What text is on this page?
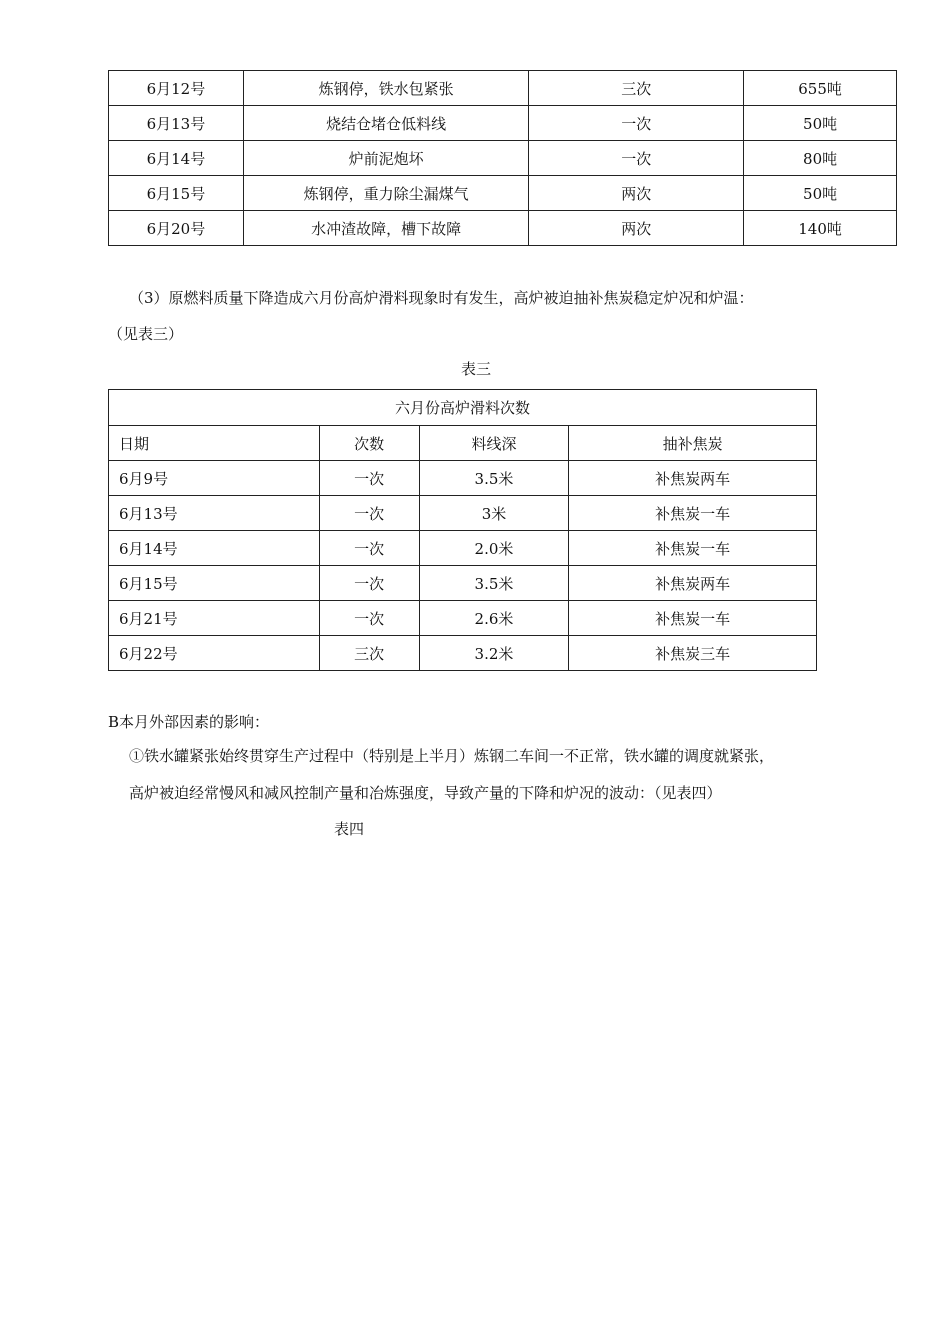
6月12号	炼钢停，铁水包紧张	三次	655吨
6月13号	烧结仓堵仓低料线	一次	50吨
6月14号	炉前泥炮坏	一次	80吨
6月15号	炼钢停，重力除尘漏煤气	两次	50吨
6月20号	水冲渣故障，槽下故障	两次	140吨
（3）原燃料质量下降造成六月份高炉滑料现象时有发生，高炉被迫抽补焦炭稳定炉况和炉温：
（见表三）
表三
六月份高炉滑料次数			
日期	次数	料线深	抽补焦炭
6月9号	一次	3.5米	补焦炭两车
6月13号	一次	3米	补焦炭一车
6月14号	一次	2.0米	补焦炭一车
6月15号	一次	3.5米	补焦炭两车
6月21号	一次	2.6米	补焦炭一车
6月22号	三次	3.2米	补焦炭三车
B本月外部因素的影响：
①铁水罐紧张始终贯穿生产过程中（特别是上半月）炼钢二车间一不正常，铁水罐的调度就紧张，
高炉被迫经常慢风和减风控制产量和冶炼强度，导致产量的下降和炉况的波动：（见表四）
表四
